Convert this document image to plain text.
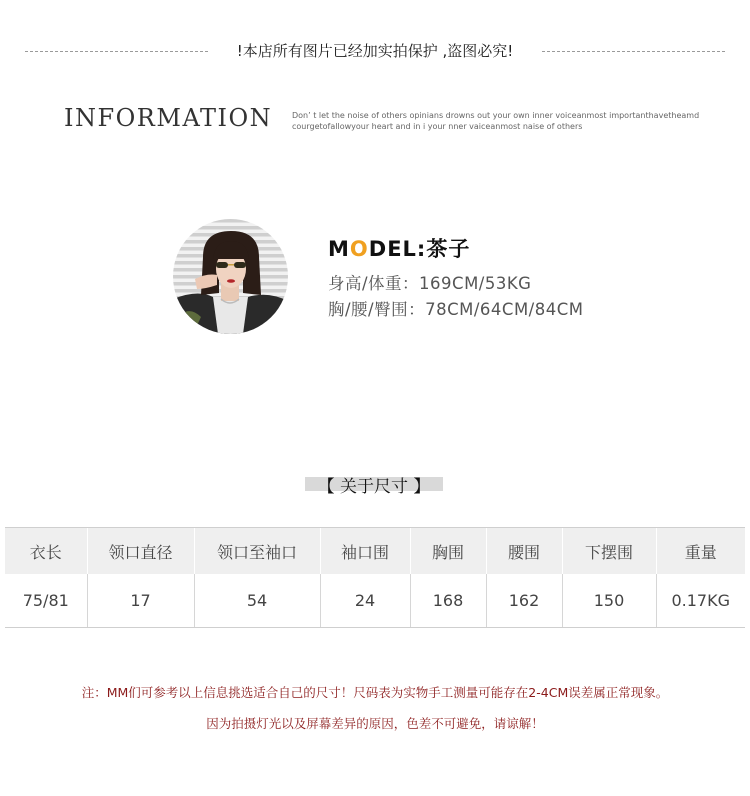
!本店所有图片已经加实拍保护 ,盗图必究!
INFORMATION Don’ t let the noise of others opinians drowns out your own inner voiceanmost importanthavetheamd
courgetofallowyour heart and in i your nner vaiceanmost naise of others
MODEL:茶子
身高/体重：169CM/53KG
胸/腰/臀围：78CM/64CM/84CM
【 关于尺寸 】
衣长	领口直径	领口至袖口	袖口围	胸围	腰围	下摆围	重量
75/81	17	54	24	168	162	150	0.17KG
注：MM们可参考以上信息挑选适合自己的尺寸！尺码表为实物手工测量可能存在2-4CM误差属正常现象。
因为拍摄灯光以及屏幕差异的原因，色差不可避免，请谅解！
